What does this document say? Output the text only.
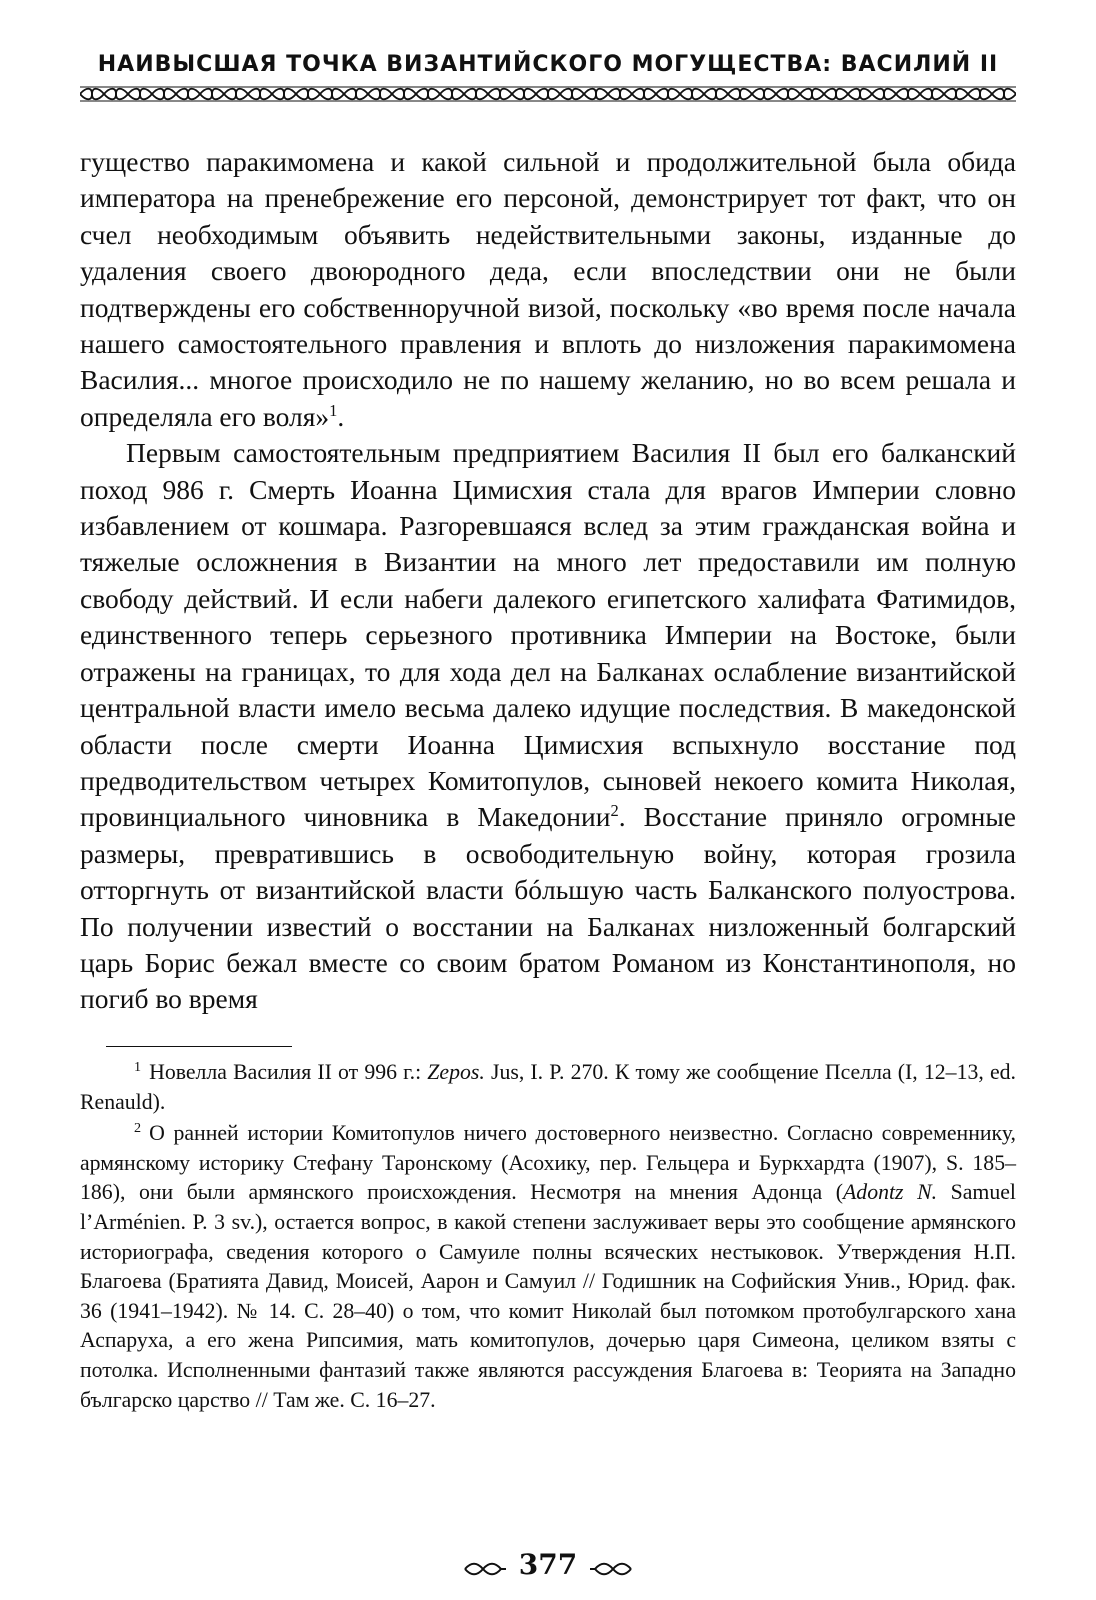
НАИВЫСШАЯ ТОЧКА ВИЗАНТИЙСКОГО МОГУЩЕСТВА: ВАСИЛИЙ II

гущество паракимомена и какой сильной и продолжительной была обида императора на пренебрежение его персоной, демонстрирует тот факт, что он счел необходимым объявить недействительными законы, изданные до удаления своего двоюродного деда, если впоследствии они не были подтверждены его собственноручной визой, поскольку «во время после начала нашего самостоятельного правления и вплоть до низложения паракимомена Василия... многое происходило не по нашему желанию, но во всем решала и определяла его воля»$^1$.

Первым самостоятельным предприятием Василия II был его балканский поход 986 г. Смерть Иоанна Цимисхия стала для врагов Империи словно избавлением от кошмара. Разгоревшаяся вслед за этим гражданская война и тяжелые осложнения в Византии на много лет предоставили им полную свободу действий. И если набеги далекого египетского халифата Фатимидов, единственного теперь серьезного противника Империи на Востоке, были отражены на границах, то для хода дел на Балканах ослабление византийской центральной власти имело весьма далеко идущие последствия. В македонской области после смерти Иоанна Цимисхия вспыхнуло восстание под предводительством четырех Комитопулов, сыновей некоего комита Николая, провинциального чиновника в Македонии$^2$. Восстание приняло огромные размеры, превратившись в освободительную войну, которая грозила отторгнуть от византийской власти бóльшую часть Балканского полуострова. По получении известий о восстании на Балканах низложенный болгарский царь Борис бежал вместе со своим братом Романом из Константинополя, но погиб во время

$^1$ Новелла Василия II от 996 г.: Zepos. Jus, I. P. 270. К тому же сообщение Пселла (I, 12–13, ed. Renauld).

$^2$ О ранней истории Комитопулов ничего достоверного неизвестно. Согласно современнику, армянскому историку Стефану Таронскому (Асохику, пер. Гельцера и Буркхардта (1907), S. 185–186), они были армянского происхождения. Несмотря на мнения Адонца (Adontz N. Samuel l’Arménien. P. 3 sv.), остается вопрос, в какой степени заслуживает веры это сообщение армянского историографа, сведения которого о Самуиле полны всяческих нестыковок. Утверждения Н.П. Благоева (Братията Давид, Моисей, Аарон и Самуил // Годишник на Софийския Унив., Юрид. фак. 36 (1941–1942). № 14. С. 28–40) о том, что комит Николай был потомком протобулгарского хана Аспаруха, а его жена Рипсимия, мать комитопулов, дочерью царя Симеона, целиком взяты с потолка. Исполненными фантазий также являются рассуждения Благоева в: Теорията на Западно българско царство // Там же. С. 16–27.

377
